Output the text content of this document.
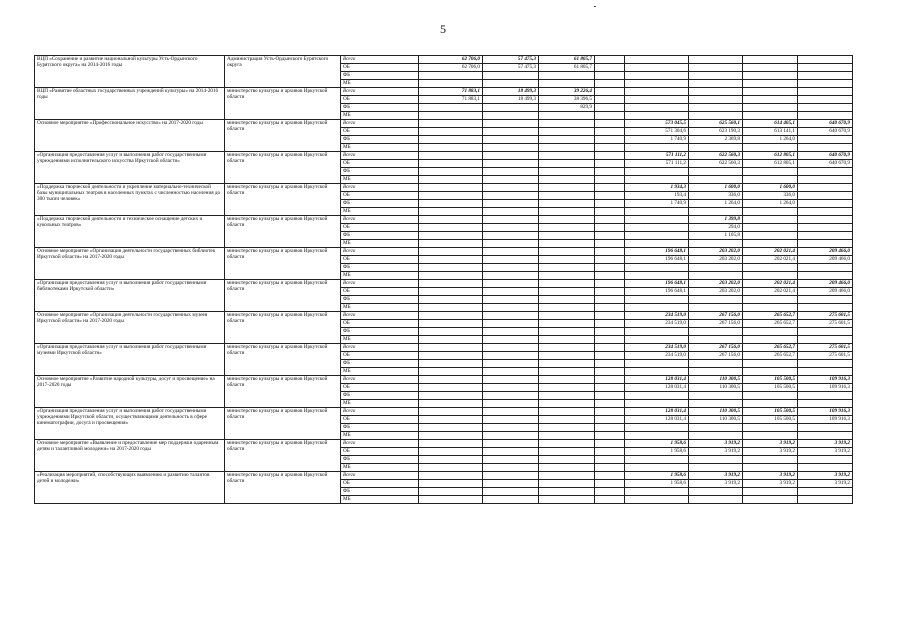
5
ВЦП «Сохранение и развитие национальной культуры Усть-Ордынского Бурятского округа» на 2014-2016 годы	Администрация Усть-Ордынского Бурятского округа	Всего	62 706,0	57 475,3	61 805,7					
		ОБ	62 706,0	57 475,3	61 805,7					
		ФБ								
		МБ								
ВЦП «Развитие областных государственных учреждений культуры» на 2014-2016 годы	министерство культуры и архивов Иркутской области	Всего	71 883,1	18 499,3	39 226,4					
		ОБ	71 883,1	18 499,3	38 396,5					
		ФБ			829,9					
		МБ								
Основное мероприятие «Профессиональное искусство» на 2017-2020 годы	министерство культуры и архивов Иркутской области	Всего					573 045,5	625 560,1	614 405,1	640 670,9
		ОБ					571 304,6	623 190,3	613 141,1	640 670,9
		ФБ					1 740,9	2 369,8	1 264,0	
		МБ								
«Организация предоставления услуг и выполнения работ государственными учреждениями исполнительского искусства Иркутской области»	министерство культуры и архивов Иркутской области	Всего					571 111,2	622 560,3	612 805,1	640 670,9
		ОБ					571 111,2	622 560,3	612 805,1	640 670,9
		ФБ								
		МБ								
«Поддержка творческой деятельности и укрепление материально-технической базы муниципальных театров в населенных пунктах с численностью населения до 300 тысяч человек»	министерство культуры и архивов Иркутской области	Всего					1 934,3	1 600,0	1 600,0	
		ОБ					193,4	336,0	336,0	
		ФБ					1 740,9	1 264,0	1 264,0	
		МБ								
«Поддержка творческой деятельности и техническое оснащение детских и кукольных театров»	министерство культуры и архивов Иркутской области	Всего						1 399,8		
		ОБ						294,0		
		ФБ						1 105,8		
		МБ								
Основное мероприятие «Организация деятельности государственных библиотек Иркутской области» на 2017-2020 годы	министерство культуры и архивов Иркутской области	Всего					196 648,1	203 202,0	202 021,4	209 466,0
		ОБ					196 648,1	203 202,0	202 021,4	209 466,0
		ФБ								
		МБ								
«Организация предоставления услуг и выполнения работ государственными библиотеками Иркутской области»	министерство культуры и архивов Иркутской области	Всего					196 648,1	203 202,0	202 021,4	209 466,0
		ОБ					196 648,1	203 202,0	202 021,4	209 466,0
		ФБ								
		МБ								
Основное мероприятие «Организация деятельности государственных музеев Иркутской области» на 2017-2020 годы	министерство культуры и архивов Иркутской области	Всего					234 519,0	267 156,0	265 652,7	275 601,5
		ОБ					234 519,0	267 156,0	265 652,7	275 601,5
		ФБ								
		МБ								
«Организация предоставления услуг и выполнения работ государственными музеями Иркутской области»	министерство культуры и архивов Иркутской области	Всего					234 519,0	267 156,0	265 652,7	275 601,5
		ОБ					234 519,0	267 156,0	265 652,7	275 601,5
		ФБ								
		МБ								
Основное мероприятие «Развитие народной культуры, досуг и просвещение» на 2017-2020 годы	министерство культуры и архивов Иркутской области	Всего					128 031,4	110 300,5	105 500,5	109 916,3
		ОБ					128 031,4	110 300,5	105 500,5	109 916,3
		ФБ								
		МБ								
«Организация предоставления услуг и выполнения работ государственными учреждениями Иркутской области, осуществляющими деятельность в сфере кинематографии, досуга и просвещения»	министерство культуры и архивов Иркутской области	Всего					128 031,4	110 300,5	105 500,5	109 916,3
		ОБ					128 031,4	110 300,5	105 500,5	109 916,3
		ФБ								
		МБ								
Основное мероприятие «Выявление и предоставление мер поддержки одаренным детям и талантливой молодежи» на 2017-2020 годы	министерство культуры и архивов Иркутской области	Всего					1 958,6	3 919,2	3 919,2	3 919,2
		ОБ					1 958,6	3 919,2	3 919,2	3 919,2
		ФБ								
		МБ								
«Реализация мероприятий, способствующих выявлению и развитию талантов детей и молодежи»	министерство культуры и архивов Иркутской области	Всего					1 958,6	3 919,2	3 919,2	3 919,2
		ОБ					1 958,6	3 919,2	3 919,2	3 919,2
		ФБ								
		МБ								
